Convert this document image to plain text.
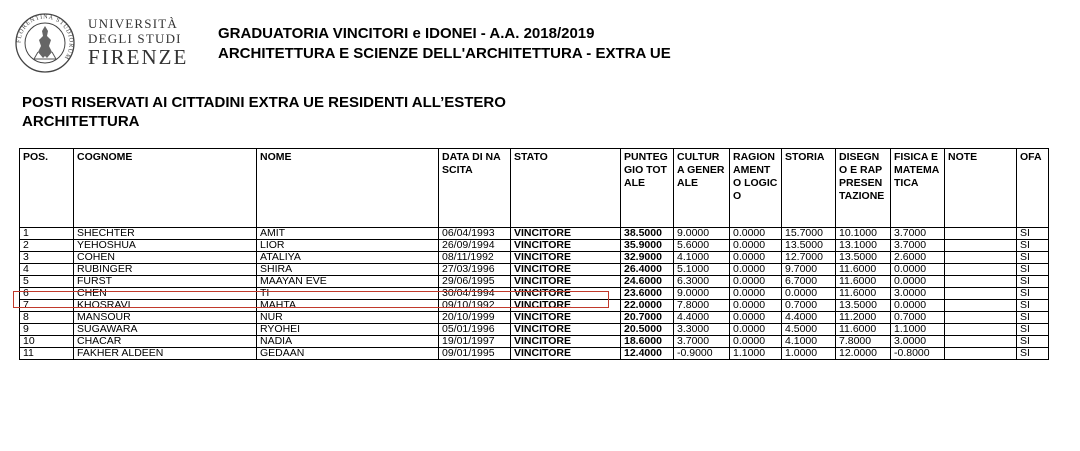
FLORENTINA STUDIORUM
UNIVERSITÀ
DEGLI STUDI
FIRENZE
GRADUATORIA VINCITORI e IDONEI - A.A. 2018/2019
ARCHITETTURA E SCIENZE DELL'ARCHITETTURA - EXTRA UE
POSTI RISERVATI AI CITTADINI EXTRA UE RESIDENTI ALL’ESTERO
ARCHITETTURA
POS.	COGNOME	NOME	DATA DI NASCITA	STATO	PUNTEG GIO TOTALE	CULTUR A GENER ALE	RAGION AMENTO LOGICO	STORIA	DISEGN O E RAP PRESEN TAZIONE	FISICA E MATEMA TICA	NOTE	OFA
1	SHECHTER	AMIT	06/04/1993	VINCITORE	38.5000	9.0000	0.0000	15.7000	10.1000	3.7000		SI
2	YEHOSHUA	LIOR	26/09/1994	VINCITORE	35.9000	5.6000	0.0000	13.5000	13.1000	3.7000		SI
3	COHEN	ATALIYA	08/11/1992	VINCITORE	32.9000	4.1000	0.0000	12.7000	13.5000	2.6000		SI
4	RUBINGER	SHIRA	27/03/1996	VINCITORE	26.4000	5.1000	0.0000	9.7000	11.6000	0.0000		SI
5	FURST	MAAYAN EVE	29/06/1995	VINCITORE	24.6000	6.3000	0.0000	6.7000	11.6000	0.0000		SI
6	CHEN	TI	30/04/1994	VINCITORE	23.6000	9.0000	0.0000	0.0000	11.6000	3.0000		SI
7	KHOSRAVI	MAHTA	09/10/1992	VINCITORE	22.0000	7.8000	0.0000	0.7000	13.5000	0.0000		SI
8	MANSOUR	NUR	20/10/1999	VINCITORE	20.7000	4.4000	0.0000	4.4000	11.2000	0.7000		SI
9	SUGAWARA	RYOHEI	05/01/1996	VINCITORE	20.5000	3.3000	0.0000	4.5000	11.6000	1.1000		SI
10	CHACAR	NADIA	19/01/1997	VINCITORE	18.6000	3.7000	0.0000	4.1000	7.8000	3.0000		SI
11	FAKHER ALDEEN	GEDAAN	09/01/1995	VINCITORE	12.4000	-0.9000	1.1000	1.0000	12.0000	-0.8000		SI
